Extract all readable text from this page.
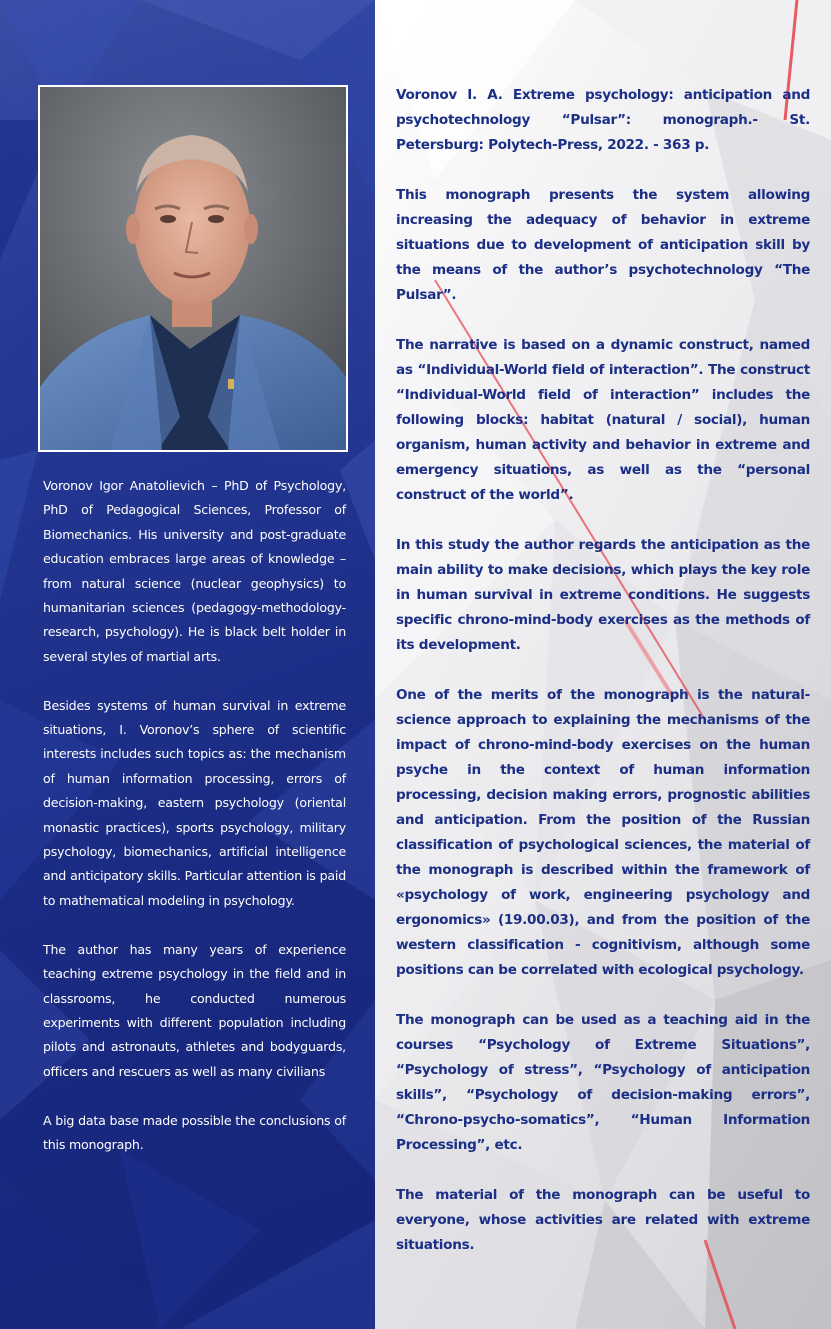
Voronov Igor Anatolievich – PhD of Psychology, PhD of Pedagogical Sciences, Professor of Biomechanics. His university and post-graduate education embraces large areas of knowledge – from natural science (nuclear geophysics) to humanitarian sciences (pedagogy-methodology-research, psychology). He is black belt holder in several styles of martial arts.

Besides systems of human survival in extreme situations, I. Voronov’s sphere of scientific interests includes such topics as: the mechanism of human information processing, errors of decision-making, eastern psychology (oriental monastic practices), sports psychology, military psychology, biomechanics, artificial intelligence and anticipatory skills. Particular attention is paid to mathematical modeling in psychology.

The author has many years of experience teaching extreme psychology in the field and in classrooms, he conducted numerous experiments with different population including pilots and astronauts, athletes and bodyguards, officers and rescuers as well as many civilians

A big data base made possible the conclusions of this monograph.

Voronov I. A. Extreme psychology: anticipation and psychotechnology “Pulsar”: monograph.- St. Petersburg: Polytech-Press, 2022. - 363 p.

This monograph presents the system allowing increasing the adequacy of behavior in extreme situations due to development of anticipation skill by the means of the author’s psychotechnology “The Pulsar”.

The narrative is based on a dynamic construct, named as “Individual-World field of interaction”. The construct “Individual-World field of interaction” includes the following blocks: habitat (natural / social), human organism, human activity and behavior in extreme and emergency situations, as well as the “personal construct of the world”.

In this study the author regards the anticipation as the main ability to make decisions, which plays the key role in human survival in extreme conditions. He suggests specific chrono-mind-body exercises as the methods of its development.

One of the merits of the monograph is the natural-science approach to explaining the mechanisms of the impact of chrono-mind-body exercises on the human psyche in the context of human information processing, decision making errors, prognostic abilities and anticipation. From the position of the Russian classification of psychological sciences, the material of the monograph is described within the framework of «psychology of work, engineering psychology and ergonomics» (19.00.03), and from the position of the western classification - cognitivism, although some positions can be correlated with ecological psychology.

The monograph can be used as a teaching aid in the courses “Psychology of Extreme Situations”, “Psychology of stress”, “Psychology of anticipation skills”, “Psychology of decision-making errors”, “Chrono-psycho-somatics”, “Human Information Processing”, etc.

The material of the monograph can be useful to everyone, whose activities are related with extreme situations.
